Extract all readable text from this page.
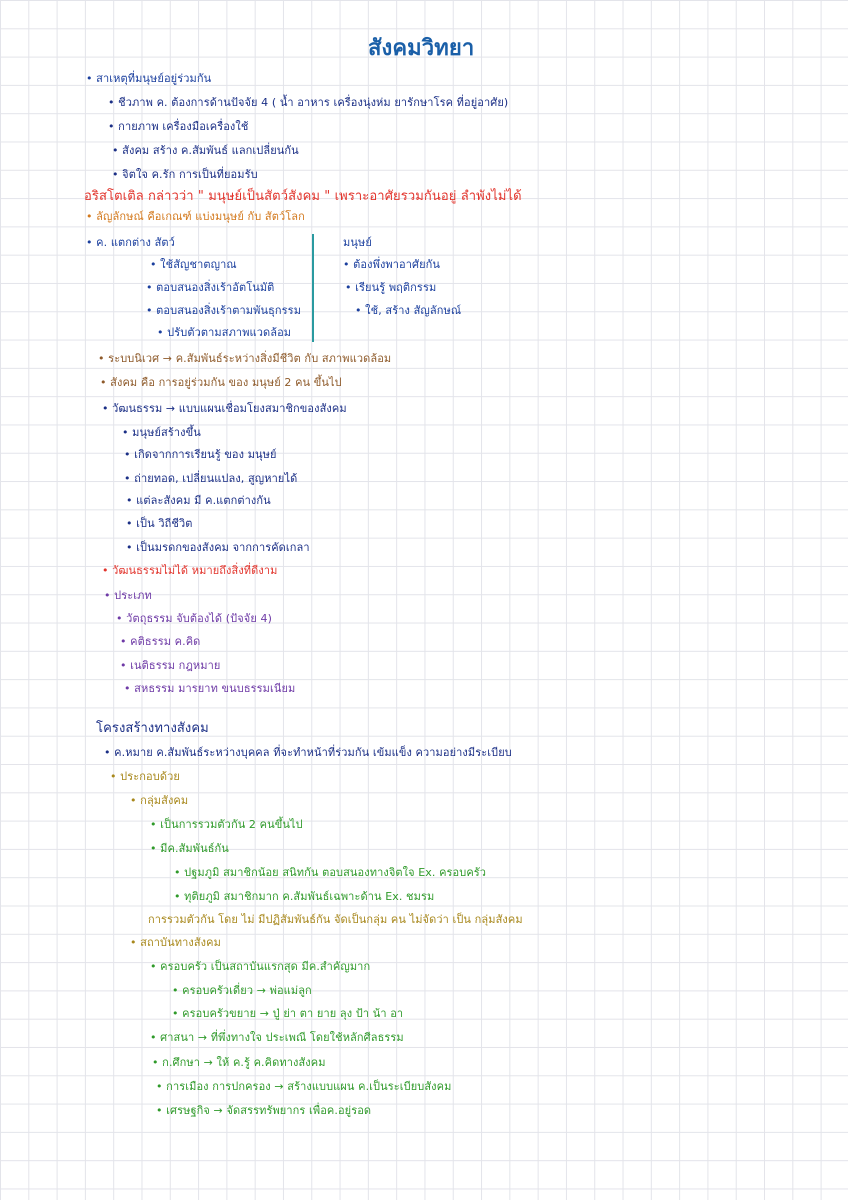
สังคมวิทยา
• สาเหตุที่มนุษย์อยู่ร่วมกัน
• ชีวภาพ ค. ต้องการด้านปัจจัย 4 ( น้ำ อาหาร เครื่องนุ่งห่ม ยารักษาโรค ที่อยู่อาศัย)
• กายภาพ เครื่องมือเครื่องใช้
• สังคม สร้าง ค.สัมพันธ์ แลกเปลี่ยนกัน
• จิตใจ ค.รัก การเป็นที่ยอมรับ
อริสโตเติล กล่าวว่า " มนุษย์เป็นสัตว์สังคม " เพราะอาศัยรวมกันอยู่ ลำพังไม่ได้
• ลัญลักษณ์ คือเกณฑ์ แบ่งมนุษย์ กับ สัตว์โลก
• ค. แตกต่าง สัตว์	มนุษย์
• ใช้สัญชาตญาณ
• ตอบสนองสิ่งเร้าอัตโนมัติ
• ตอบสนองสิ่งเร้าตามพันธุกรรม
• ปรับตัวตามสภาพแวดล้อม
• ต้องพึ่งพาอาศัยกัน
• เรียนรู้ พฤติกรรม
• ใช้, สร้าง สัญลักษณ์
• ระบบนิเวศ → ค.สัมพันธ์ระหว่างสิ่งมีชีวิต กับ สภาพแวดล้อม
• สังคม คือ การอยู่ร่วมกัน ของ มนุษย์ 2 คน ขึ้นไป
• วัฒนธรรม → แบบแผนเชื่อมโยงสมาชิกของสังคม
• มนุษย์สร้างขึ้น
• เกิดจากการเรียนรู้ ของ มนุษย์
• ถ่ายทอด, เปลี่ยนแปลง, สูญหายได้
• แต่ละสังคม มี ค.แตกต่างกัน
• เป็น วิถีชีวิต
• เป็นมรดกของสังคม จากการคัดเกลา
• วัฒนธรรมไม่ได้ หมายถึงสิ่งที่ดีงาม
• ประเภท
• วัตถุธรรม จับต้องได้ (ปัจจัย 4)
• คติธรรม ค.คิด
• เนติธรรม กฎหมาย
• สหธรรม มารยาท ขนบธรรมเนียม
โครงสร้างทางสังคม
• ค.หมาย ค.สัมพันธ์ระหว่างบุคคล ที่จะทำหน้าที่ร่วมกัน เข้มแข็ง ความอย่างมีระเบียบ
• ประกอบด้วย
• กลุ่มสังคม
• เป็นการรวมตัวกัน 2 คนขึ้นไป
• มีค.สัมพันธ์กัน
• ปฐมภูมิ สมาชิกน้อย สนิทกัน ตอบสนองทางจิตใจ Ex. ครอบครัว
• ทุติยภูมิ สมาชิกมาก ค.สัมพันธ์เฉพาะด้าน Ex. ชมรม
การรวมตัวกัน โดย ไม่ มีปฏิสัมพันธ์กัน จัดเป็นกลุ่ม คน ไม่จัดว่า เป็น กลุ่มสังคม
• สถาบันทางสังคม
• ครอบครัว เป็นสถาบันแรกสุด มีค.สำคัญมาก
• ครอบครัวเดี่ยว → พ่อแม่ลูก
• ครอบครัวขยาย → ปู่ ย่า ตา ยาย ลุง ป้า น้า อา
• ศาสนา → ที่พึ่งทางใจ ประเพณี โดยใช้หลักศีลธรรม
• ก.ศึกษา → ให้ ค.รู้ ค.คิดทางสังคม
• การเมือง การปกครอง → สร้างแบบแผน ค.เป็นระเบียบสังคม
• เศรษฐกิจ → จัดสรรทรัพยากร เพื่อค.อยู่รอด
